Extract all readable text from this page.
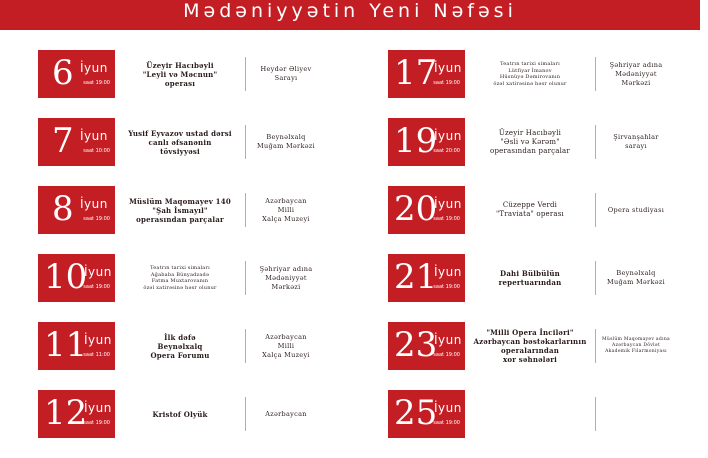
Mədəniyyətin Yeni Nəfəsi
6 İyun
saat 19:00
Üzeyir Hacıbəyli
"Leyli və Məcnun"
operası
Heydər Əliyev
Sarayı
7 İyun
saat 10:00
Yusif Eyvazov ustad dərsi
canlı əfsanənin
tövsiyyəsi
Beynəlxalq
Muğam Mərkəzi
8 İyun
saat 19:00
Müslüm Maqomayev 140
"Şah İsmayıl"
operasından parçalar
Azərbaycan
Milli
Xalça Muzeyi
10
İyun
saat 19:00
Teatrın tarixi simaları
Ağababa Bünyadzadə
Fatma Muxtarovanın
özəl xatirəsinə həsr olunur
Şəhriyar adına
Mədəniyyət
Mərkəzi
11
İyun
saat 11:00
İlk dəfə
Beynəlxalq
Opera Forumu
Azərbaycan
Milli
Xalça Muzeyi
12
İyun
saat 19:00
Kristof Olyük	Azərbaycan
17
İyun
saat 19:00
Teatrın tarixi simaları
Lütfiyar İmanov
Hüsnüyə Dəmirovanın
özəl xatirəsinə həsr olunur
Şəhriyar adına
Mədəniyyət
Mərkəzi
19
İyun
saat 20:00
Üzeyir Hacıbəyli
"Əsli və Kərəm"
operasından parçalar
Şirvanşahlar
sarayı
20
İyun
saat 19:00
Cüzeppe Verdi
"Traviata" operası
Opera studiyası
21
İyun
saat 19:00
Dahi Bülbülün
repertuarından
Beynəlxalq
Muğam Mərkəzi
23
İyun
saat 19:00
"Milli Opera İnciləri"
Azərbaycan bəstəkarlarının
operalarından
xor səhnələri
Müslüm Maqomayev adına
Azərbaycan Dövlət
Akademik Filarmoniyası
25
İyun
saat 19:00
